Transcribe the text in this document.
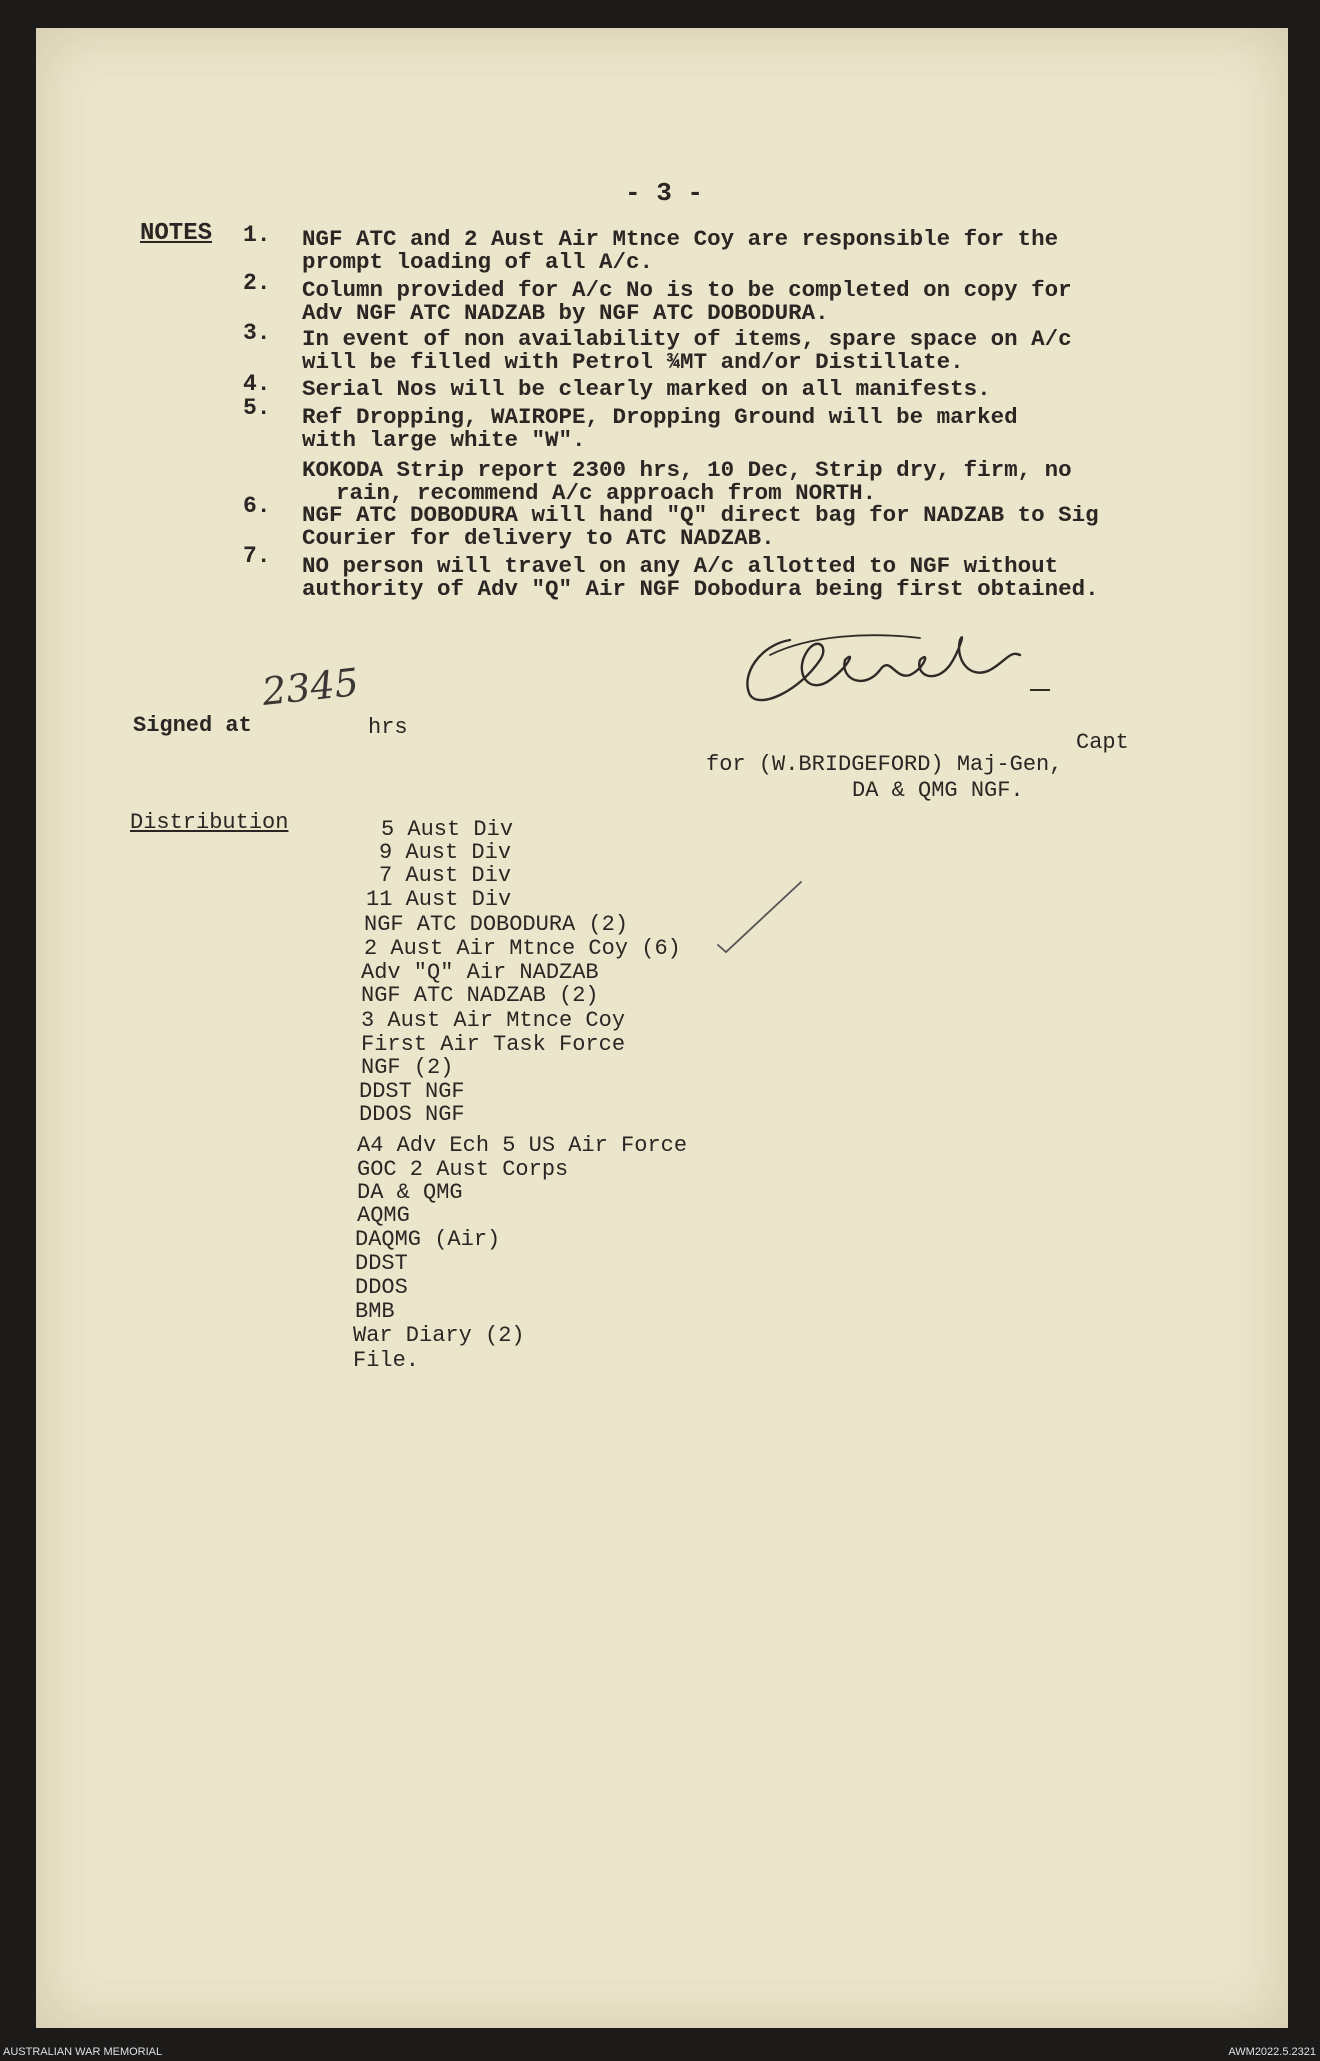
- 3 -
NOTES 1. NGF ATC and 2 Aust Air Mtnce Coy are responsible for the
prompt loading of all A/c.
2. Column provided for A/c No is to be completed on copy for
Adv NGF ATC NADZAB by NGF ATC DOBODURA.
3. In event of non availability of items, spare space on A/c
will be filled with Petrol ¾MT and/or Distillate.
4. Serial Nos will be clearly marked on all manifests.
5. Ref Dropping, WAIROPE, Dropping Ground will be marked
with large white "W".
KOKODA Strip report 2300 hrs, 10 Dec, Strip dry, firm, no
rain, recommend A/c approach from NORTH.
6. NGF ATC DOBODURA will hand "Q" direct bag for NADZAB to Sig
Courier for delivery to ATC NADZAB.
7. NO person will travel on any A/c allotted to NGF without
authority of Adv "Q" Air NGF Dobodura being first obtained.
Signed at
2345
hrs
Capt
for (W.BRIDGEFORD) Maj-Gen,
DA & QMG NGF.
Distribution	5 Aust Div
9 Aust Div
7 Aust Div
11 Aust Div
NGF ATC DOBODURA (2)
2 Aust Air Mtnce Coy (6)
Adv "Q" Air NADZAB
NGF ATC NADZAB (2)
3 Aust Air Mtnce Coy
First Air Task Force
NGF (2)
DDST NGF
DDOS NGF
A4 Adv Ech 5 US Air Force
GOC 2 Aust Corps
DA & QMG
AQMG
DAQMG (Air)
DDST
DDOS
BMB
War Diary (2)
File.
AUSTRALIAN WAR MEMORIAL	AWM2022.5.2321
